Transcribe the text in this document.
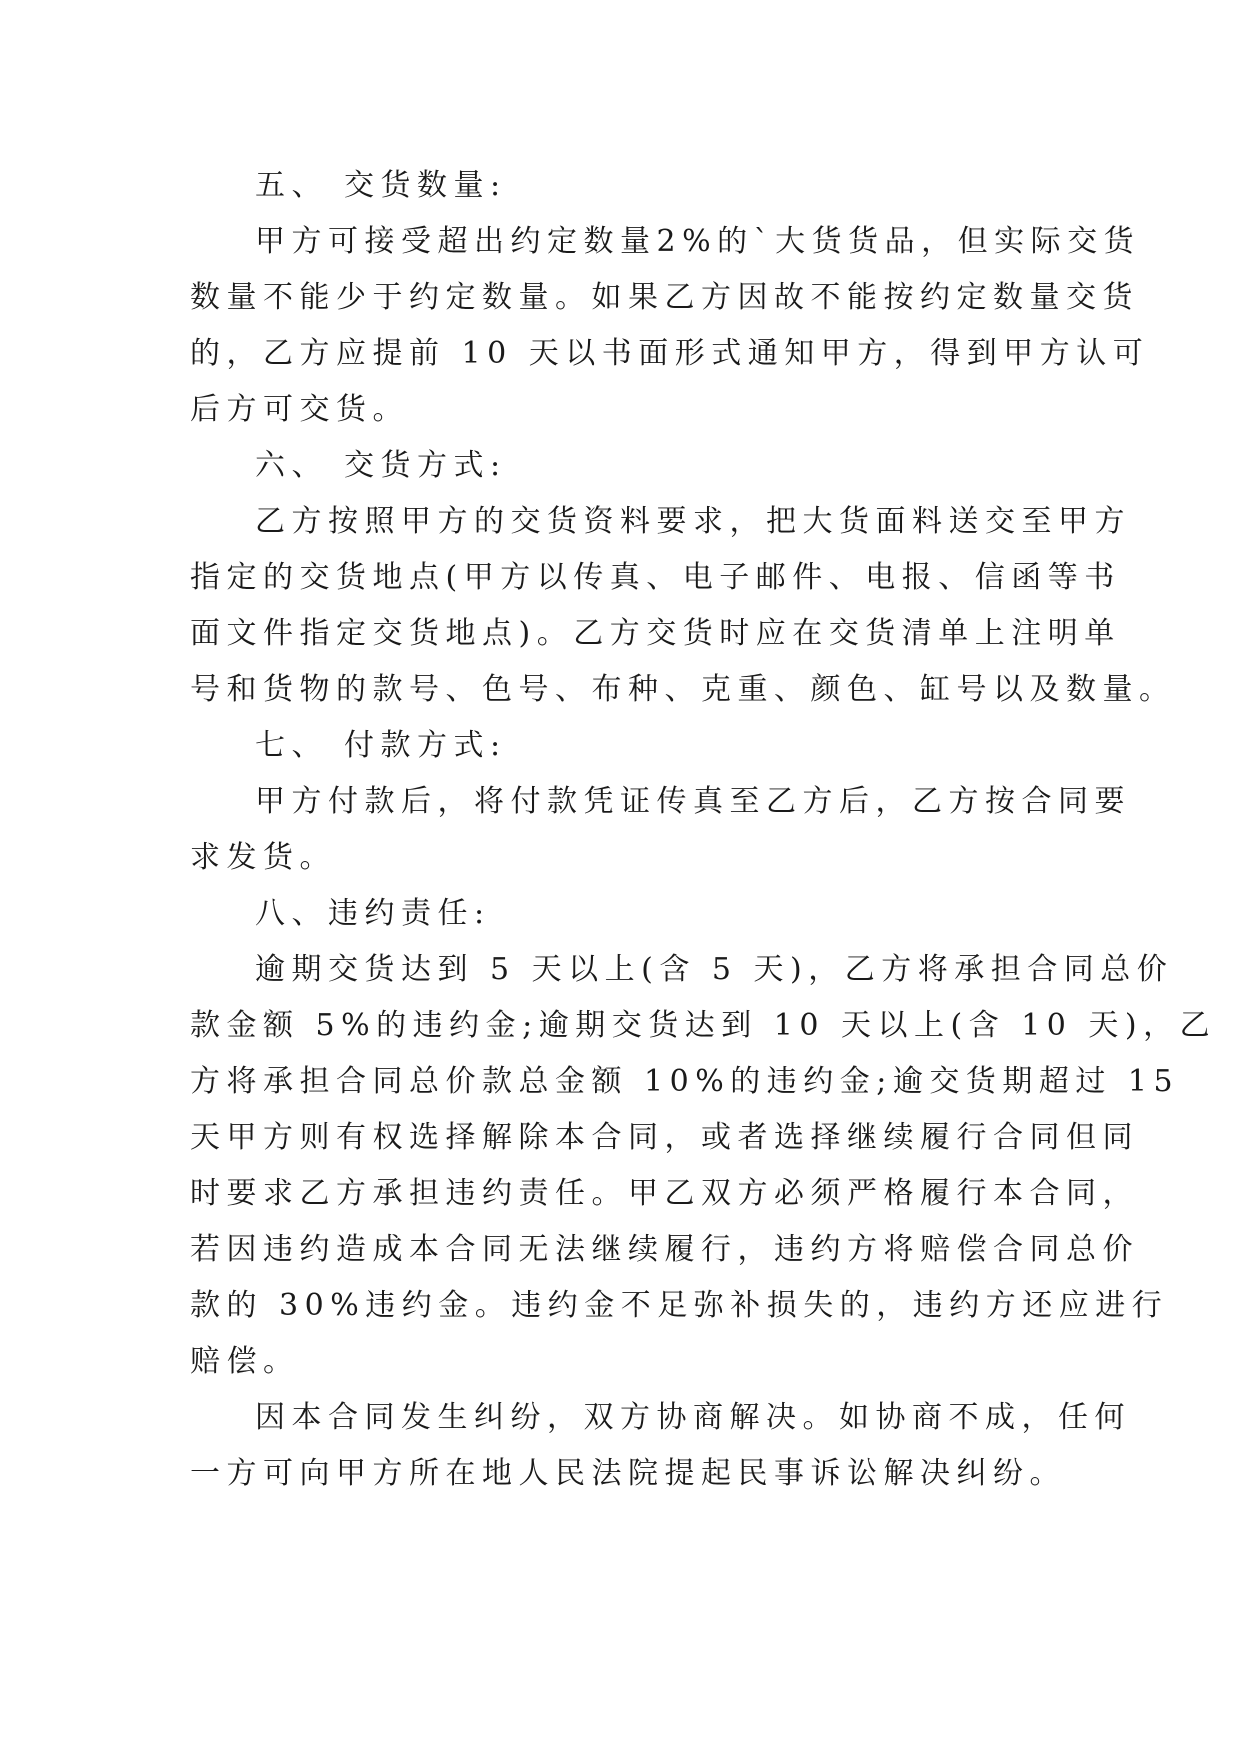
五、 交货数量:
甲方可接受超出约定数量2%的`大货货品，但实际交货
数量不能少于约定数量。如果乙方因故不能按约定数量交货
的，乙方应提前 10 天以书面形式通知甲方，得到甲方认可
后方可交货。
六、 交货方式:
乙方按照甲方的交货资料要求，把大货面料送交至甲方
指定的交货地点(甲方以传真、电子邮件、电报、信函等书
面文件指定交货地点)。乙方交货时应在交货清单上注明单
号和货物的款号、色号、布种、克重、颜色、缸号以及数量。
七、 付款方式:
甲方付款后，将付款凭证传真至乙方后，乙方按合同要
求发货。
八、违约责任:
逾期交货达到 5 天以上(含 5 天)，乙方将承担合同总价
款金额 5%的违约金;逾期交货达到 10 天以上(含 10 天)，乙
方将承担合同总价款总金额 10%的违约金;逾交货期超过 15
天甲方则有权选择解除本合同，或者选择继续履行合同但同
时要求乙方承担违约责任。甲乙双方必须严格履行本合同，
若因违约造成本合同无法继续履行，违约方将赔偿合同总价
款的 30%违约金。违约金不足弥补损失的，违约方还应进行
赔偿。
因本合同发生纠纷，双方协商解决。如协商不成，任何
一方可向甲方所在地人民法院提起民事诉讼解决纠纷。
